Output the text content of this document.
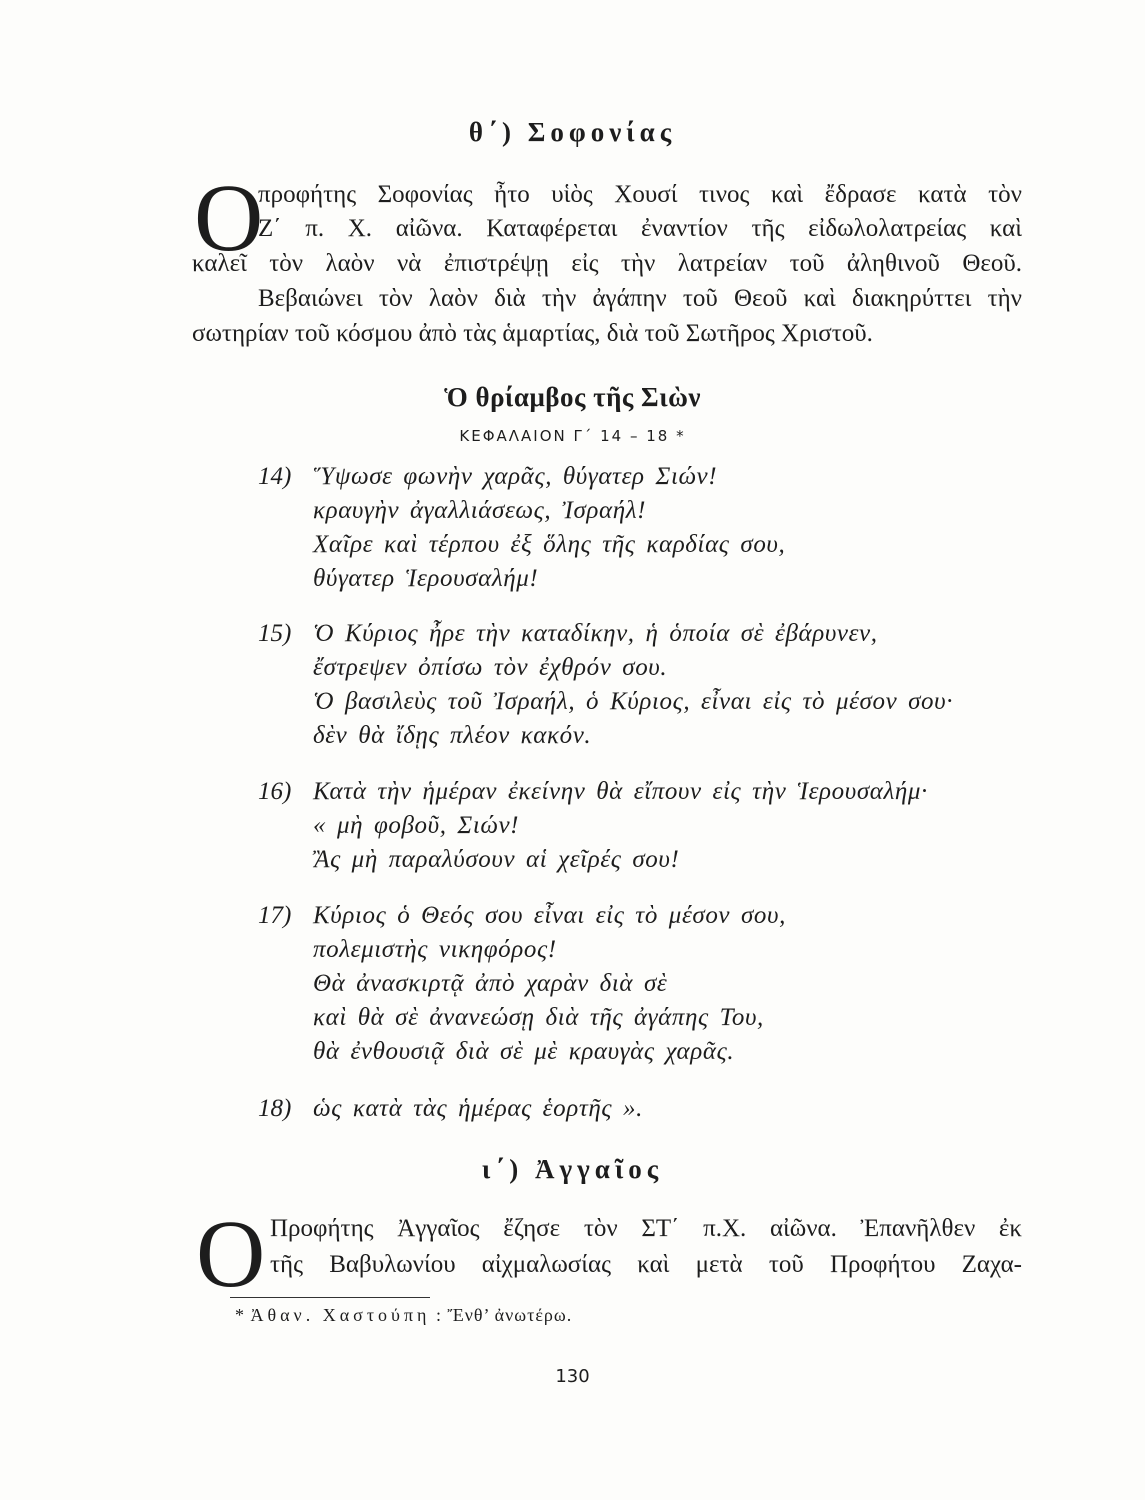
θ΄) Σοφονίας
Ο
προφήτης Σοφονίας ἦτο υἱὸς Χουσί τινος καὶ ἔδρασε κατὰ τὸν
Ζ΄ π. Χ. αἰῶνα. Καταφέρεται ἐναντίον τῆς εἰδωλολατρείας καὶ
καλεῖ τὸν λαὸν νὰ ἐπιστρέψῃ εἰς τὴν λατρείαν τοῦ ἀληθινοῦ Θεοῦ.
Βεβαιώνει τὸν λαὸν διὰ τὴν ἀγάπην τοῦ Θεοῦ καὶ διακηρύττει τὴν
σωτηρίαν τοῦ κόσμου ἀπὸ τὰς ἁμαρτίας, διὰ τοῦ Σωτῆρος Χριστοῦ.
Ὁ θρίαμβος τῆς Σιὼν
ΚΕΦΑΛΑΙΟΝ Γ΄ 14 – 18 *
14) Ὕψωσε φωνὴν χαρᾶς, θύγατερ Σιών!
κραυγὴν ἀγαλλιάσεως, Ἰσραήλ!
Χαῖρε καὶ τέρπου ἐξ ὅλης τῆς καρδίας σου,
θύγατερ Ἱερουσαλήμ!
15) Ὁ Κύριος ἦρε τὴν καταδίκην, ἡ ὁποία σὲ ἐβάρυνεν,
ἔστρεψεν ὀπίσω τὸν ἐχθρόν σου.
Ὁ βασιλεὺς τοῦ Ἰσραήλ, ὁ Κύριος, εἶναι εἰς τὸ μέσον σου·
δὲν θὰ ἴδῃς πλέον κακόν.
16) Κατὰ τὴν ἡμέραν ἐκείνην θὰ εἴπουν εἰς τὴν Ἱερουσαλήμ·
« μὴ φοβοῦ, Σιών!
Ἂς μὴ παραλύσουν αἱ χεῖρές σου!
17) Κύριος ὁ Θεός σου εἶναι εἰς τὸ μέσον σου,
πολεμιστὴς νικηφόρος!
Θὰ ἀνασκιρτᾷ ἀπὸ χαρὰν διὰ σὲ
καὶ θὰ σὲ ἀνανεώσῃ διὰ τῆς ἀγάπης Του,
θὰ ἐνθουσιᾷ διὰ σὲ μὲ κραυγὰς χαρᾶς.
18) ὡς κατὰ τὰς ἡμέρας ἑορτῆς ».
ι΄) Ἀγγαῖος
Ο Προφήτης Ἀγγαῖος ἔζησε τὸν ΣΤ΄ π.Χ. αἰῶνα. Ἐπανῆλθεν ἐκ
τῆς Βαβυλωνίου αἰχμαλωσίας καὶ μετὰ τοῦ Προφήτου Ζαχα-
* Ἀθαν. Χαστούπη : Ἔνθ’ ἀνωτέρω.
130
